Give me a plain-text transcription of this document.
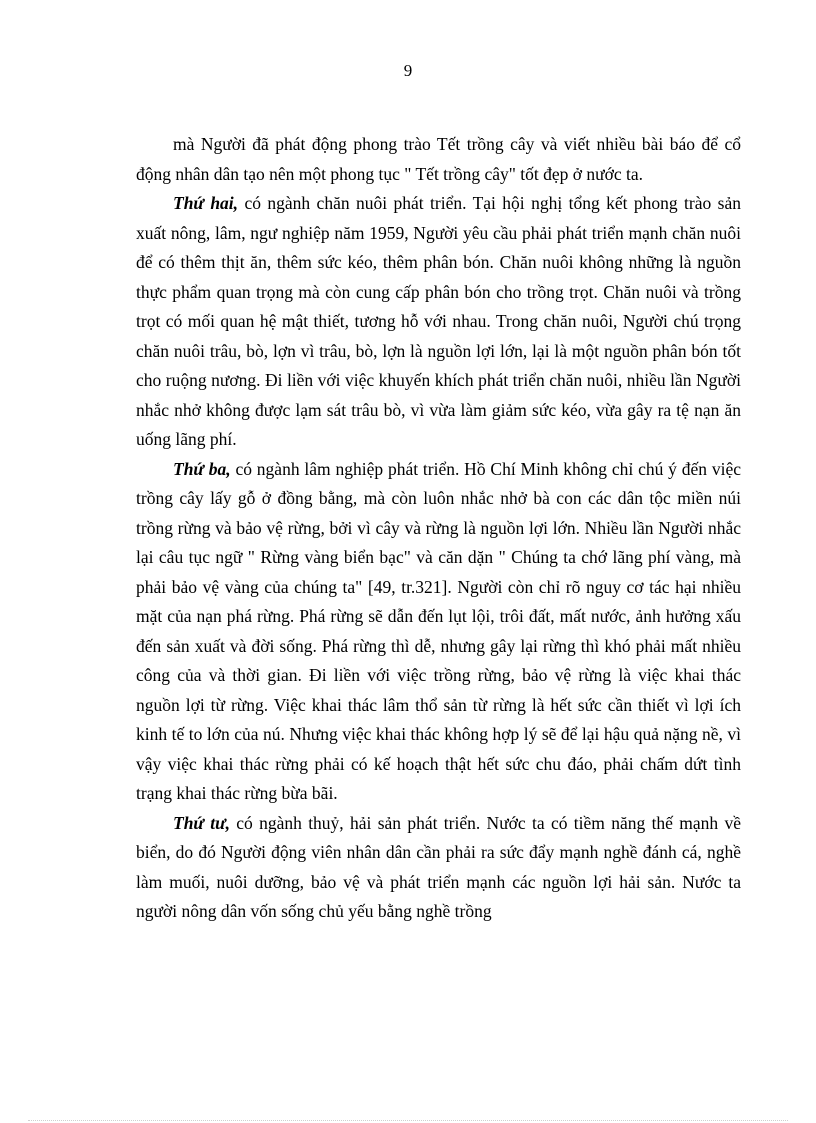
9

mà Người đã phát động phong trào Tết trồng cây và viết nhiều bài báo để cổ động nhân dân tạo nên một phong tục " Tết trồng cây" tốt đẹp ở nước ta.

Thứ hai, có ngành chăn nuôi phát triển. Tại hội nghị tổng kết phong trào sản xuất nông, lâm, ngư nghiệp năm 1959, Người yêu cầu phải phát triển mạnh chăn nuôi để có thêm thịt ăn, thêm sức kéo, thêm phân bón. Chăn nuôi không những là nguồn thực phẩm quan trọng mà còn cung cấp phân bón cho trồng trọt. Chăn nuôi và trồng trọt có mối quan hệ mật thiết, tương hỗ với nhau. Trong chăn nuôi, Người chú trọng chăn nuôi trâu, bò, lợn vì trâu, bò, lợn là nguồn lợi lớn, lại là một nguồn phân bón tốt cho ruộng nương. Đi liền với việc khuyến khích phát triển chăn nuôi, nhiều lần Người nhắc nhở không được lạm sát trâu bò, vì vừa làm giảm sức kéo, vừa gây ra tệ nạn ăn uống lãng phí.

Thứ ba, có ngành lâm nghiệp phát triển. Hồ Chí Minh không chỉ chú ý đến việc trồng cây lấy gỗ ở đồng bằng, mà còn luôn nhắc nhở bà con các dân tộc miền núi trồng rừng và bảo vệ rừng, bởi vì cây và rừng là nguồn lợi lớn. Nhiều lần Người nhắc lại câu tục ngữ " Rừng vàng biển bạc" và căn dặn " Chúng ta chớ lãng phí vàng, mà phải bảo vệ vàng của chúng ta" [49, tr.321]. Người còn chỉ rõ nguy cơ tác hại nhiều mặt của nạn phá rừng. Phá rừng sẽ dẫn đến lụt lội, trôi đất, mất nước, ảnh hưởng xấu đến sản xuất và đời sống. Phá rừng thì dễ, nhưng gây lại rừng thì khó phải mất nhiều công của và thời gian. Đi liền với việc trồng rừng, bảo vệ rừng là việc khai thác nguồn lợi từ rừng. Việc khai thác lâm thổ sản từ rừng là hết sức cần thiết vì lợi ích kinh tế to lớn của nú. Nhưng việc khai thác không hợp lý sẽ để lại hậu quả nặng nề, vì vậy việc khai thác rừng phải có kế hoạch thật hết sức chu đáo, phải chấm dứt tình trạng khai thác rừng bừa bãi.

Thứ tư, có ngành thuỷ, hải sản phát triển. Nước ta có tiềm năng thế mạnh về biển, do đó Người động viên nhân dân cần phải ra sức đẩy mạnh nghề đánh cá, nghề làm muối, nuôi dưỡng, bảo vệ và phát triển mạnh các nguồn lợi hải sản. Nước ta người nông dân vốn sống chủ yếu bằng nghề trồng
